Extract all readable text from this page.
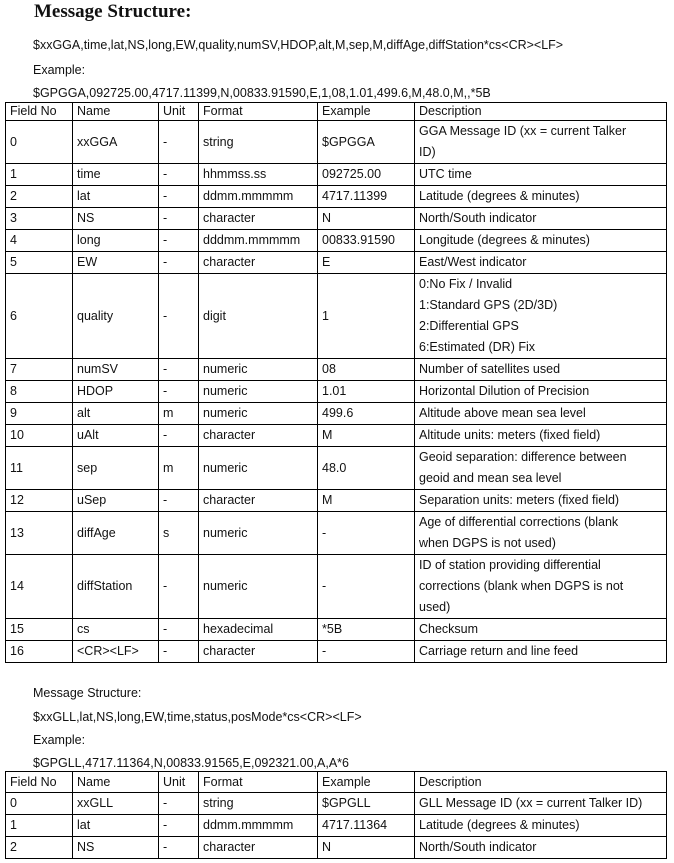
Message Structure:
$xxGGA,time,lat,NS,long,EW,quality,numSV,HDOP,alt,M,sep,M,diffAge,diffStation*cs<CR><LF>
Example:
$GPGGA,092725.00,4717.11399,N,00833.91590,E,1,08,1.01,499.6,M,48.0,M,,*5B
Field No	Name	Unit	Format	Example	Description
0	xxGGA	-	string	$GPGGA	GGA Message ID (xx = current Talker
ID)

1	time	-	hhmmss.ss	092725.00	UTC time

2	lat	-	ddmm.mmmmm	4717.11399	Latitude (degrees & minutes)

3	NS	-	character	N	North/South indicator

4	long	-	dddmm.mmmmm	00833.91590	Longitude (degrees & minutes)

5	EW	-	character	E	East/West indicator

6	quality	-	digit	1	0:No Fix / Invalid
1:Standard GPS (2D/3D)
2:Differential GPS
6:Estimated (DR) Fix

7	numSV	-	numeric	08	Number of satellites used

8	HDOP	-	numeric	1.01	Horizontal Dilution of Precision

9	alt	m	numeric	499.6	Altitude above mean sea level

10	uAlt	-	character	M	Altitude units: meters (fixed field)

11	sep	m	numeric	48.0	Geoid separation: difference between
geoid and mean sea level

12	uSep	-	character	M	Separation units: meters (fixed field)

13	diffAge	s	numeric	-	Age of differential corrections (blank
when DGPS is not used)

14	diffStation	-	numeric	-	ID of station providing differential
corrections (blank when DGPS is not
used)

15	cs	-	hexadecimal	*5B	Checksum

16	<CR><LF>	-	character	-	Carriage return and line feed
Message Structure:
$xxGLL,lat,NS,long,EW,time,status,posMode*cs<CR><LF>
Example:
$GPGLL,4717.11364,N,00833.91565,E,092321.00,A,A*6
Field No	Name	Unit	Format	Example	Description
0	xxGLL	-	string	$GPGLL	GLL Message ID (xx = current Talker ID)

1	lat	-	ddmm.mmmmm	4717.11364	Latitude (degrees & minutes)

2	NS	-	character	N	North/South indicator
